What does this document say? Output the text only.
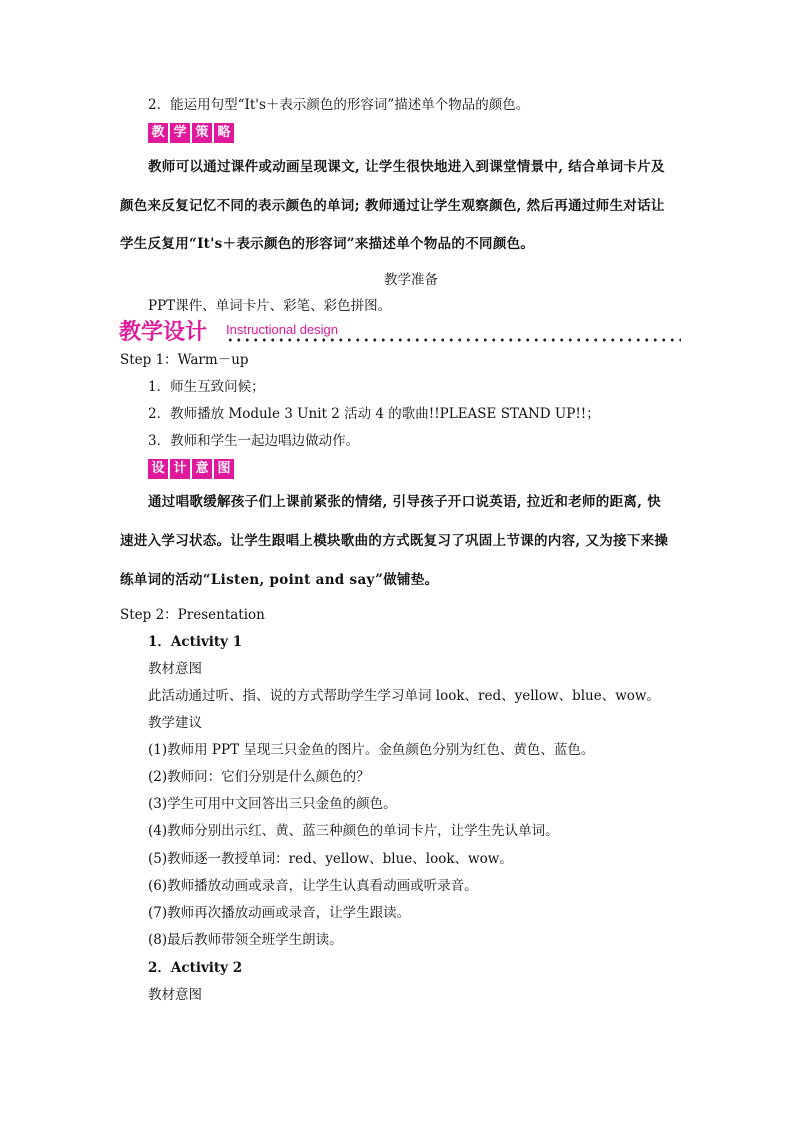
2．能运用句型“It's＋表示颜色的形容词”描述单个物品的颜色。
教 学 策 略
教师可以通过课件或动画呈现课文, 让学生很快地进入到课堂情景中, 结合单词卡片及
颜色来反复记忆不同的表示颜色的单词; 教师通过让学生观察颜色, 然后再通过师生对话让
学生反复用“It's＋表示颜色的形容词”来描述单个物品的不同颜色。
教学准备
PPT课件、单词卡片、彩笔、彩色拼图。
教学设计 Instructional design
Step 1：Warm－up
1．师生互致问候；
2．教师播放 Module 3 Unit 2 活动 4 的歌曲!!PLEASE STAND UP!!；
3．教师和学生一起边唱边做动作。
设 计 意 图
通过唱歌缓解孩子们上课前紧张的情绪, 引导孩子开口说英语, 拉近和老师的距离, 快
速进入学习状态。让学生跟唱上模块歌曲的方式既复习了巩固上节课的内容, 又为接下来操
练单词的活动“Listen, point and say”做铺垫。
Step 2：Presentation
1．Activity 1
教材意图
此活动通过听、指、说的方式帮助学生学习单词 look、red、yellow、blue、wow。
教学建议
(1)教师用 PPT 呈现三只金鱼的图片。金鱼颜色分别为红色、黄色、蓝色。
(2)教师问：它们分别是什么颜色的？
(3)学生可用中文回答出三只金鱼的颜色。
(4)教师分别出示红、黄、蓝三种颜色的单词卡片，让学生先认单词。
(5)教师逐一教授单词：red、yellow、blue、look、wow。
(6)教师播放动画或录音，让学生认真看动画或听录音。
(7)教师再次播放动画或录音，让学生跟读。
(8)最后教师带领全班学生朗读。
2．Activity 2
教材意图
